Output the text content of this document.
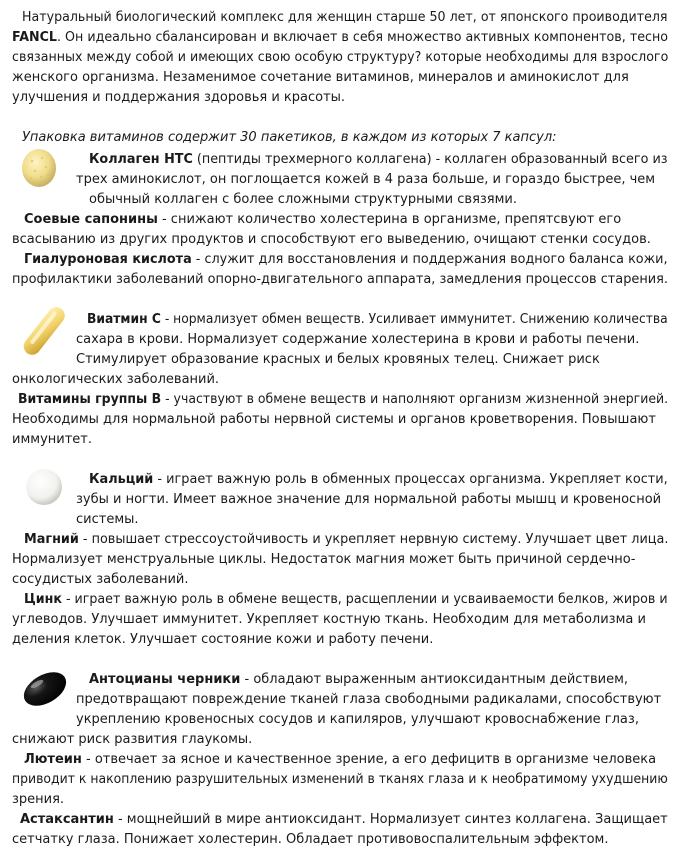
Натуральный биологический комплекс для женщин старше 50 лет, от японского проиводителя
FANCL. Он идеально сбалансирован и включает в себя множество активных компонентов, тесно
связанных между собой и имеющих свою особую структуру? которые необходимы для взрослого
женского организма. Незаменимое сочетание витаминов, минералов и аминокислот для
улучшения и поддержания здоровья и красоты.
Упаковка витаминов содержит 30 пакетиков, в каждом из которых 7 капсул:
Коллаген НТС (пептиды трехмерного коллагена) - коллаген образованный всего из
трех аминокислот, он поглощается кожей в 4 раза больше, и гораздо быстрее, чем
обычный коллаген с более сложными структурными связями.
Соевые сапонины - снижают количество холестерина в организме, препятсвуют его
всасыванию из других продуктов и способствуют его выведению, очищают стенки сосудов.
Гиалуроновая кислота - служит для восстановления и поддержания водного баланса кожи,
профилактики заболеваний опорно-двигательного аппарата, замедления процессов старения.
Виатмин С - нормализует обмен веществ. Усиливает иммунитет. Снижению количества
сахара в крови. Нормализует содержание холестерина в крови и работы печени.
Стимулирует образование красных и белых кровяных телец. Снижает риск
онкологических заболеваний.
Витамины группы В - участвуют в обмене веществ и наполняют организм жизненной энергией.
Необходимы для нормальной работы нервной системы и органов кроветворения. Повышают
иммунитет.
Кальций - играет важную роль в обменных процессах организма. Укрепляет кости,
зубы и ногти. Имеет важное значение для нормальной работы мышц и кровеносной
системы.
Магний - повышает стрессоустойчивость и укрепляет нервную систему. Улучшает цвет лица.
Нормализует менструальные циклы. Недостаток магния может быть причиной сердечно-
сосудистых заболеваний.
Цинк - играет важную роль в обмене веществ, расщеплении и усваиваемости белков, жиров и
углеводов. Улучшает иммунитет. Укрепляет костную ткань. Необходим для метаболизма и
деления клеток. Улучшает состояние кожи и работу печени.
Антоцианы черники - обладают выраженным антиоксидантным действием,
предотвращают повреждение тканей глаза свободными радикалами, способствуют
укреплению кровеносных сосудов и капиляров, улучшают кровоснабжение глаз,
снижают риск развития глаукомы.
Лютеин - отвечает за ясное и качественное зрение, а его дефицитв в организме человека
приводит к накоплению разрушительных изменений в тканях глаза и к необратимому ухудшению
зрения.
Астаксантин - мощнейший в мире антиоксидант. Нормализует синтез коллагена. Защищает
сетчатку глаза. Понижает холестерин. Обладает противовоспалительным эффектом.
